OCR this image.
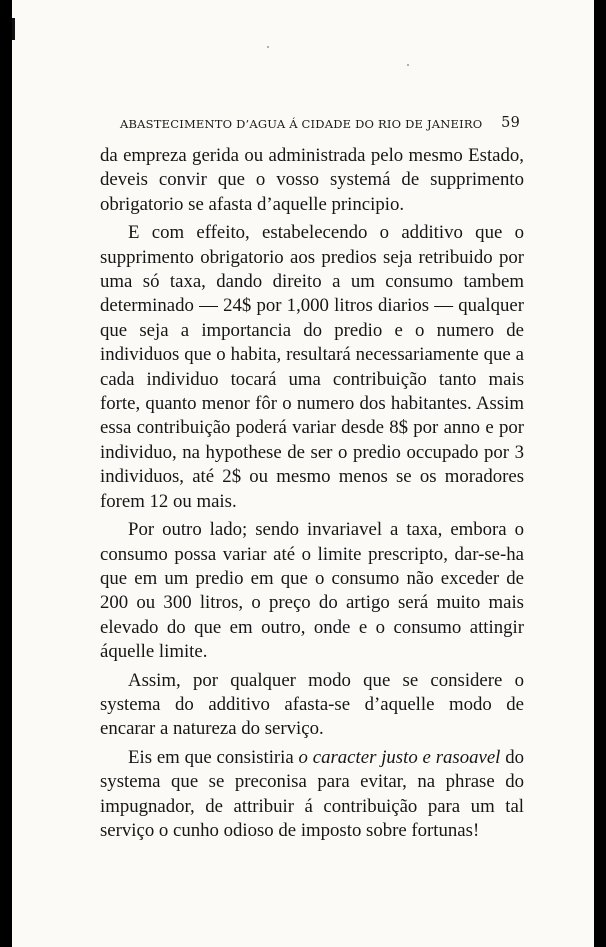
ABASTECIMENTO D’AGUA Á CIDADE DO RIO DE JANEIRO 59

da empreza gerida ou administrada pelo mesmo Estado, deveis convir que o vosso systemá de supprimento obrigatorio se afasta d’aquelle principio.

E com effeito, estabelecendo o additivo que o supprimento obrigatorio aos predios seja retribuido por uma só taxa, dando direito a um consumo tambem determinado — 24$ por 1,000 litros diarios — qualquer que seja a importancia do predio e o numero de individuos que o habita, resultará necessariamente que a cada individuo tocará uma contribuição tanto mais forte, quanto menor fôr o numero dos habitantes. Assim essa contribuição poderá variar desde 8$ por anno e por individuo, na hypothese de ser o predio occupado por 3 individuos, até 2$ ou mesmo menos se os moradores forem 12 ou mais.

Por outro lado; sendo invariavel a taxa, embora o consumo possa variar até o limite prescripto, dar-se-ha que em um predio em que o consumo não exceder de 200 ou 300 litros, o preço do artigo será muito mais elevado do que em outro, onde e o consumo attingir áquelle limite.

Assim, por qualquer modo que se considere o systema do additivo afasta-se d’aquelle modo de encarar a natureza do serviço.

Eis em que consistiria o caracter justo e rasoavel do systema que se preconisa para evitar, na phrase do impugnador, de attribuir á contribuição para um tal serviço o cunho odioso de imposto sobre fortunas!
